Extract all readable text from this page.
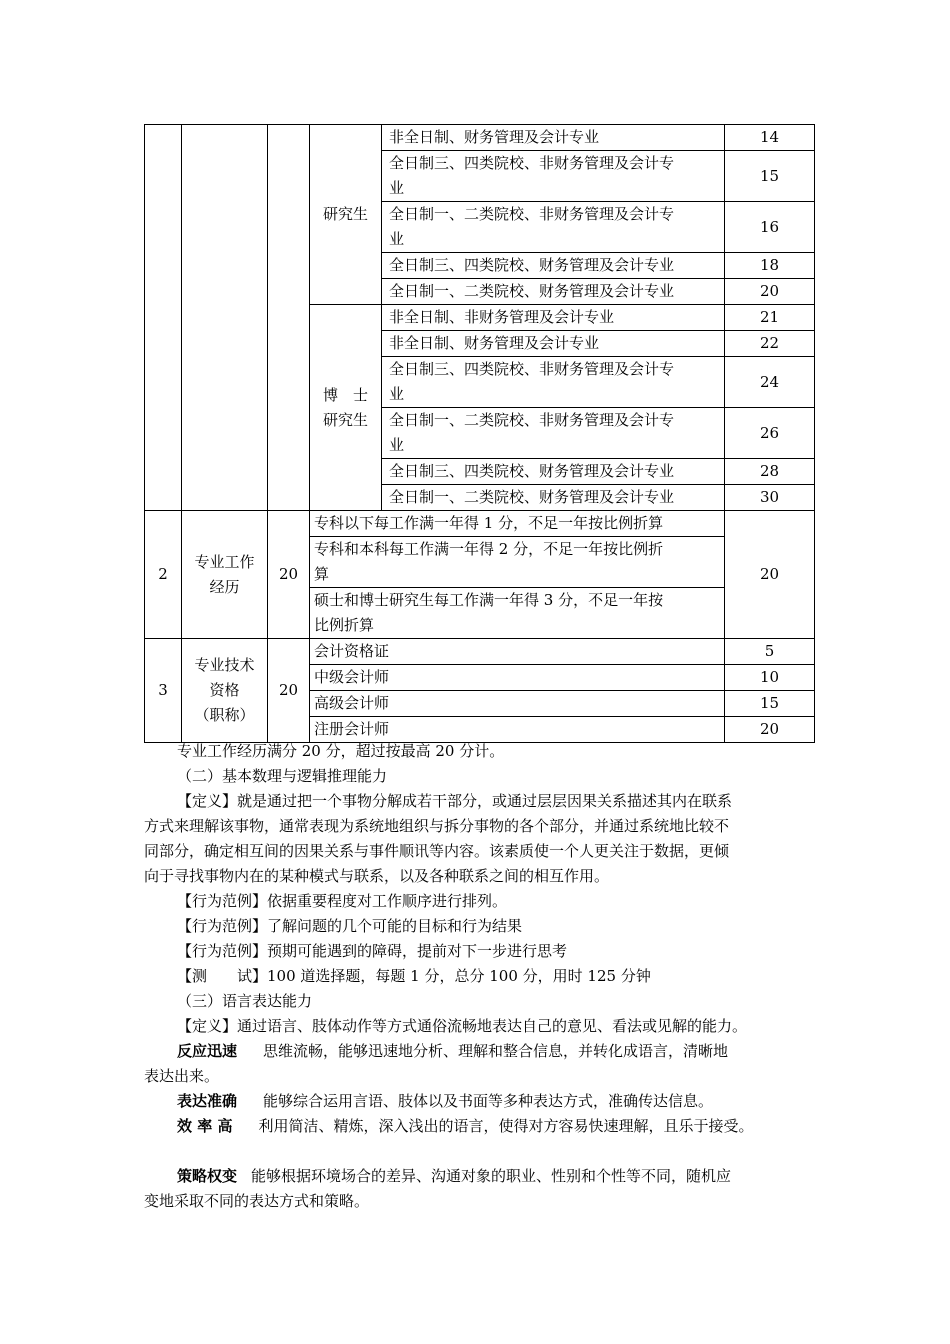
			研究生	非全日制、财务管理及会计专业	14
				全日制三、四类院校、非财务管理及会计专
业	15
				全日制一、二类院校、非财务管理及会计专
业	16
				全日制三、四类院校、财务管理及会计专业	18
				全日制一、二类院校、财务管理及会计专业	20
			博　士
研究生	非全日制、非财务管理及会计专业	21
				非全日制、财务管理及会计专业	22
				全日制三、四类院校、非财务管理及会计专
业	24
				全日制一、二类院校、非财务管理及会计专
业	26
				全日制三、四类院校、财务管理及会计专业	28
				全日制一、二类院校、财务管理及会计专业	30
2	专业工作
经历	20	专科以下每工作满一年得 1 分，不足一年按比例折算		20
			专科和本科每工作满一年得 2 分，不足一年按比例折
算		
			硕士和博士研究生每工作满一年得 3 分，不足一年按
比例折算		
3	专业技术
资格
（职称）	20	会计资格证		5
			中级会计师		10
			高级会计师		15
			注册会计师		20
专业工作经历满分 20 分，超过按最高 20 分计。
（二）基本数理与逻辑推理能力
【定义】就是通过把一个事物分解成若干部分，或通过层层因果关系描述其内在联系
方式来理解该事物，通常表现为系统地组织与拆分事物的各个部分，并通过系统地比较不
同部分，确定相互间的因果关系与事件顺讯等内容。该素质使一个人更关注于数据，更倾
向于寻找事物内在的某种模式与联系，以及各种联系之间的相互作用。
【行为范例】依据重要程度对工作顺序进行排列。
【行为范例】了解问题的几个可能的目标和行为结果
【行为范例】预期可能遇到的障碍，提前对下一步进行思考
【测　　试】100 道选择题，每题 1 分，总分 100 分，用时 125 分钟
（三）语言表达能力
【定义】通过语言、肢体动作等方式通俗流畅地表达自己的意见、看法或见解的能力。
反应迅速 思维流畅，能够迅速地分析、理解和整合信息，并转化成语言，清晰地
表达出来。
表达准确 能够综合运用言语、肢体以及书面等多种表达方式，准确传达信息。
效 率 高 利用简洁、精炼，深入浅出的语言，使得对方容易快速理解，且乐于接受。
策略权变 能够根据环境场合的差异、沟通对象的职业、性别和个性等不同，随机应
变地采取不同的表达方式和策略。
